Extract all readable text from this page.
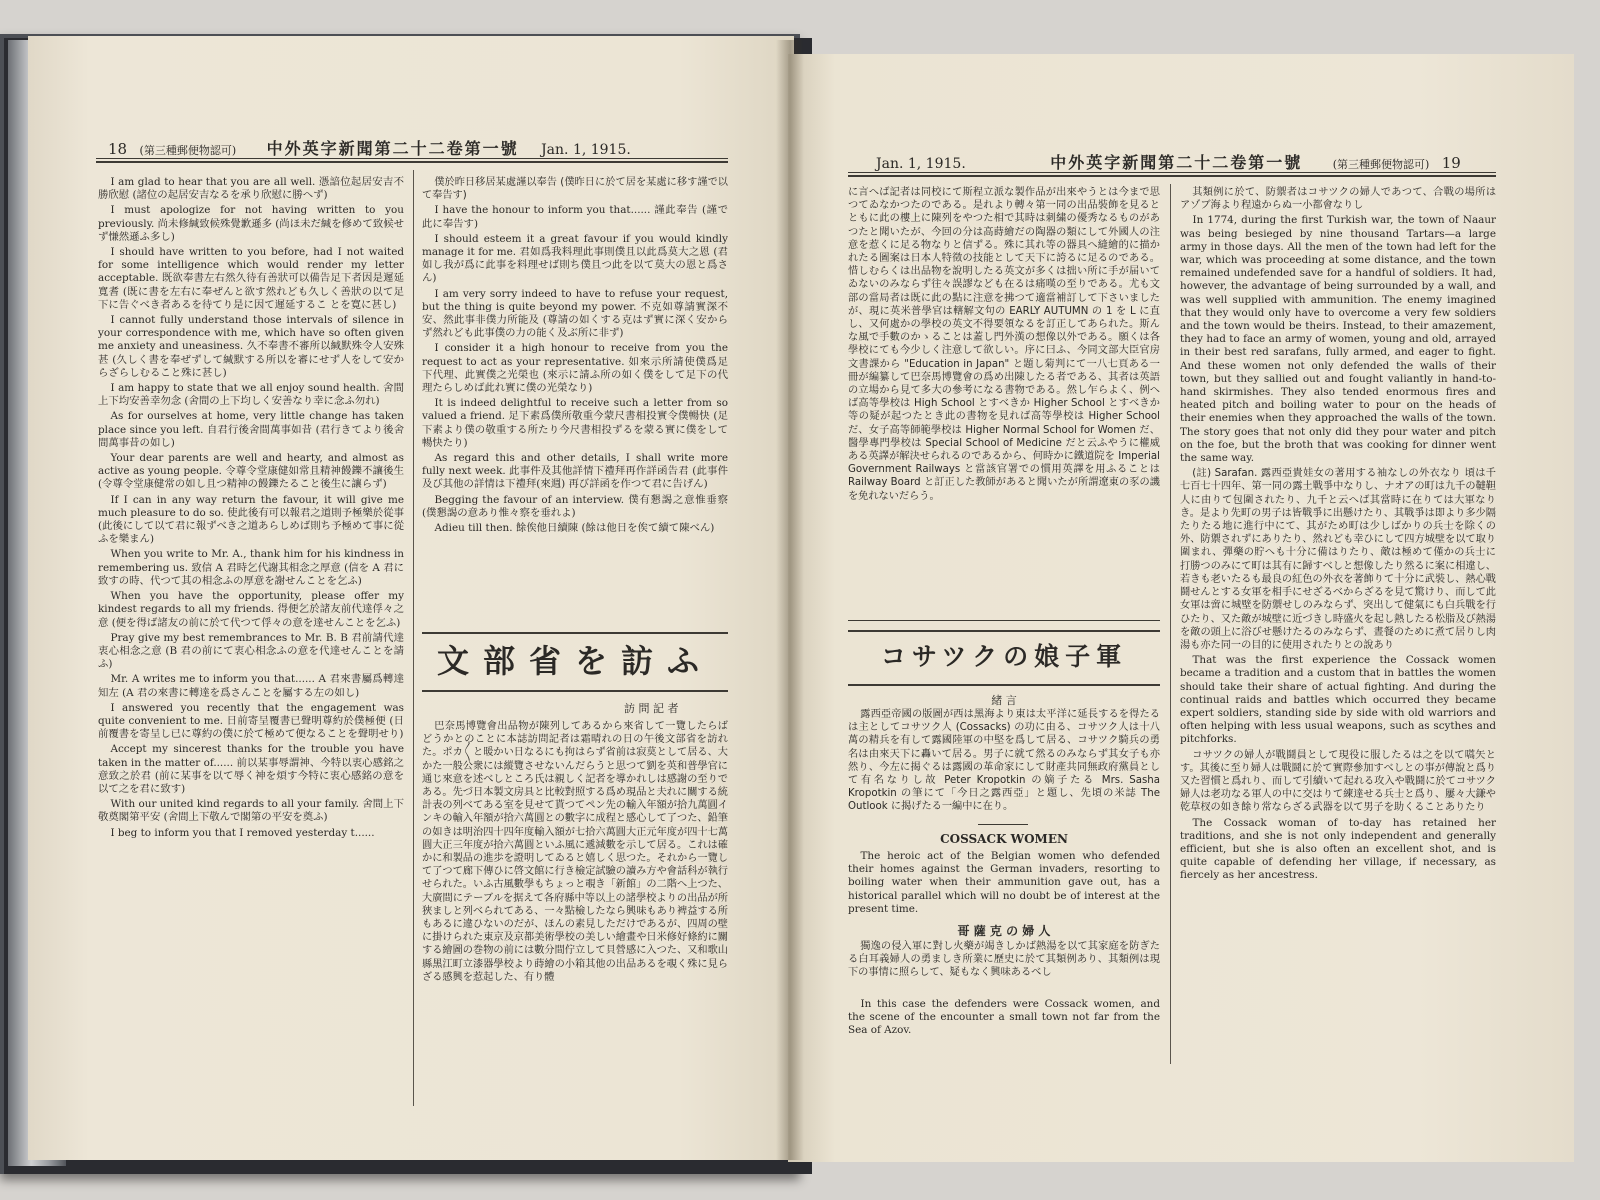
18 (第三種郵便物認可) 中外英字新聞第二十二卷第一號 Jan. 1, 1915.

I am glad to hear that you are all well. 憑諳位起居安吉不勝欣慰 (諸位の起居安吉なるを承り欣慰に勝へず)

I must apologize for not having written to you previously. 尚未修緘致候殊覺歉遜多 (尚ほ未だ緘を修めて致候せず慊然遜ふ多し)

I should have written to you before, had I not waited for some intelligence which would render my letter acceptable. 既欲奉書左右然久待有善狀可以備告足下者因是遲延寬耆 (既に書を左右に奉ぜんと欲す然れども久しく善狀の以て足下に告ぐべき者あるを待てり是に因て遲延するこ とを寛に甚し)

I cannot fully understand those intervals of silence in your correspondence with me, which have so often given me anxiety and uneasiness. 久不奉書不審所以緘默殊令人安殊甚 (久しく書を奉ぜずして緘默する所以を審にせず人をして安からざらしむること殊に甚し)

I am happy to state that we all enjoy sound health. 舍間上下均安善幸勿念 (舍間の上下均しく安善なり幸に念ふ勿れ)

As for ourselves at home, very little change has taken place since you left. 自君行後舍間萬事如昔 (君行きてより後舍間萬事昔の如し)

Your dear parents are well and hearty, and almost as active as young people. 令尊令堂康健如常且精神饅鑠不讓後生 (令尊令堂康健常の如し且つ精神の饅鑠たること後生に讓らず)

If I can in any way return the favour, it will give me much pleasure to do so. 使此後有可以報君之道則予極樂於從事 (此後にして以て君に報ずべき之道あらしめば則ち予極めて事に從ふを樂まん)

When you write to Mr. A., thank him for his kindness in remembering us. 致信 A 君時乞代謝其相念之厚意 (信を A 君に致すの時、代つて其の相念ふの厚意を謝せんことを乞ふ)

When you have the opportunity, please offer my kindest regards to all my friends. 得便乞於諸友前代達俘々之意 (便を得ば諸友の前に於て代つて俘々の意を達せんことを乞ふ)

Pray give my best remembrances to Mr. B. B 君前請代達衷心相念之意 (B 君の前にて衷心相念ふの意を代達せんことを請ふ)

Mr. A writes me to inform you that...... A 君來書屬爲轉達知左 (A 君の來書に轉達を爲さんことを屬する左の如し)

I answered you recently that the engagement was quite convenient to me. 日前寄呈覆書已聲明尊約於僕極便 (日前覆書を寄呈し已に尊約の僕に於て極めて便なることを聲明せり)

Accept my sincerest thanks for the trouble you have taken in the matter of...... 前以某事辱謂神、今特以衷心感銘之意致之於君 (前に某事を以て辱く神を煩す今特に衷心感銘の意を以て之を君に致す)

With our united kind regards to all your family. 舍間上下敬奠閣第平安 (舍間上下敬んで閣第の平安を奠ふ)

I beg to inform you that I removed yesterday t......

僕於昨日移居某處謹以奉告 (僕昨日に於て居を某處に移す謹で以て奉告す)

I have the honour to inform you that...... 謹此奉告 (謹で此に奉告す)

I should esteem it a great favour if you would kindly manage it for me. 君如爲我料理此事則僕且以此爲莫大之恩 (君如し我が爲に此事を料理せば則ち僕且つ此を以て莫大の恩と爲さん)

I am very sorry indeed to have to refuse your request, but the thing is quite beyond my power. 不克如尊請實深不安、然此事非僕力所能及 (尊請の如くする克はず實に深く安からず然れども此事僕の力の能く及ぶ所に非ず)

I consider it a high honour to receive from you the request to act as your representative. 如來示所請使僕爲足下代理、此實僕之光榮也 (來示に請ふ所の如く僕をして足下の代理たらしめば此れ實に僕の光榮なり)

It is indeed delightful to receive such a letter from so valued a friend. 足下素爲僕所敬重今蒙尺書相投實令僕暢快 (足下素より僕の敬重する所たり今尺書相投ずるを蒙る實に僕をして暢快たり)

As regard this and other details, I shall write more fully next week. 此事件及其他詳情下禮拜再作詳函告君 (此事件及び其他の詳情は下禮拜(來週) 再び詳函を作つて君に告げん)

Begging the favour of an interview. 僕有懇謁之意惟垂察 (僕懇謁の意あり惟々察を垂れよ)

Adieu till then. 餘俟他日續陳 (餘は他日を俟て續て陳べん)

文部省を訪ふ
訪 問 記 者

巴奈馬博覽會出品物が陳列してあるから來省して一覽したらばどうかとのことに本誌訪問記者は霜晴れの日の午後文部省を訪れた。ポカ〱と暖かい日なるにも拘はらず省前は寂莫として居る、大かた一般公衆には縱覽させないんだらうと思つて劉を英和普學官に通じ來意を述べしところ氏は親しく記者を導かれしは感謝の至りである。先づ日本製文房具と比較對照する爲め現品と夫れに關する統計表の列べてある室を見せて貰つてペン先の輸入年額が拾九萬圓インキの輸入年額が拾六萬圓との數字に成程と感心して了つた、鉛筆の如きは明治四十四年度輸入額が七拾六萬圓大正元年度が四十七萬圓大正三年度が拾六萬圓といふ風に遞減數を示して居る。これは確かに和製品の進歩を證明してゐると嬉しく思つた。それから一覽して了つて廊下傳ひに啓文館に行き檢定試驗の讀み方や會話科が執行せられた。いふ古風數學もちょっと覗き「新館」の二階へ上つた、大廣間にテーブルを据えて各府縣中等以上の諸學校よりの出品が所狹ましと列べられてある、一々點檢したなら興味もあり裨益する所もあるに違ひないのだが、ほんの素見しただけであるが、四周の壁に掛けられた東京及京都美術學校の美しい繪畫や日米修好條約に關する繪圖の巻物の前には數分間佇立して貝營感に入つた、又和歌山縣黑江町立漆器學校より蒔繪の小箱其他の出品あるを覗く殊に見らざる感興を惹起した、有り體

Jan. 1, 1915.	中外英字新聞第二十二卷第一號	(第三種郵便物認可) 19

に言へば記者は同校にて斯程立派な製作品が出來やうとは今まで思つてゐなかつたのである。是れより轉々第一同の出品裝飾を見るとともに此の樓上に陳列をやつた相で其時は刺繍の優秀なるものがあつたと聞いたが、今回の分は高蒔繪だの陶器の類にして外國人の注意を惹くに足る物なりと信ずる。殊に其れ等の器具へ縫繪的に描かれたる圖案は日本人特徵の技能として天下に誇るに足るのである。惜しむらくは出品物を說明したる英文が多くは拙い所に手が届いてゐないのみならず往々誤謬なども在るは痛嘆の至りである。尤も文部の當局者は既に此の點に注意を拂つて適當補訂して下さいましたが、現に英米普學官は轄解文句の EARLY AUTUMN の 1 を L に直し、又何處かの學校の英文不得要領なるを訂正してあられた。斯んな風で手數のかゝることは蓋し門外漢の想像以外である。願くは各學校にても今少しく注意して欲しい。序に曰ふ、今同文部大臣官房文書課から "Education in Japan" と題し菊判にて一八七頁ある一冊が編纂して巴奈馬博覽會の爲め出陳したる者である、其者は英語の立場から見て多大の參考になる書物である。然し乍らよく、例へば高等學校は High School とすべきか Higher School とすべきか等の疑が起つたとき此の書物を見れば高等學校は Higher School だ、女子高等師範學校は Higher Normal School for Women だ、醫學專門學校は Special School of Medicine だと云ふやうに權威ある英譯が解決せられるのであるから、何時かに鐵道院を Imperial Government Railways と當該官署での慣用英譯を用ふることは Railway Board と訂正した教師があると聞いたが所謂遼東の豕の譏を免れないだらう。

コサツクの娘子軍
緒 言

露西亞帝國の版圖が西は黑海より東は太平洋に延長するを得たるは主としてコサツク人 (Cossacks) の功に由る、コサツク人は十八萬の精兵を有して露國陸軍の中堅を爲して居る、コサツク騎兵の勇名は由來天下に轟いて居る。男子に就て然るのみならず其女子も亦然り、今左に揭ぐるは露國の革命家にして財產共同無政府黨員として有名なりし故 Peter Kropotkin の嫡子たる Mrs. Sasha Kropotkin の筆にて「今日之露西亞」と題し、先頃の米誌 The Outlook に揭げたる一編中に在り。

COSSACK WOMEN

The heroic act of the Belgian women who defended their homes against the German invaders, resorting to boiling water when their ammunition gave out, has a historical parallel which will no doubt be of interest at the present time.

哥 薩 克 の 婦 人

獨逸の侵入軍に對し火藥が竭きしかば熱湯を以て其家庭を防ぎたる白耳義婦人の勇ましき所業に歷史に於て其類例あり、其類例は現下の事情に照らして、疑もなく興味あるべし

In this case the defenders were Cossack women, and the scene of the encounter a small town not far from the Sea of Azov.

其類例に於て、防禦者はコサツクの婦人であつて、合戰の場所はアゾブ海より程遠からぬ一小都會なりし

In 1774, during the first Turkish war, the town of Naaur was being besieged by nine thousand Tartars—a large army in those days. All the men of the town had left for the war, which was proceeding at some distance, and the town remained undefended save for a handful of soldiers. It had, however, the advantage of being surrounded by a wall, and was well supplied with ammunition. The enemy imagined that they would only have to overcome a very few soldiers and the town would be theirs. Instead, to their amazement, they had to face an army of women, young and old, arrayed in their best red sarafans, fully armed, and eager to fight. And these women not only defended the walls of their town, but they sallied out and fought valiantly in hand-to-hand skirmishes. They also tended enormous fires and heated pitch and boiling water to pour on the heads of their enemies when they approached the walls of the town. The story goes that not only did they pour water and pitch on the foe, but the broth that was cooking for dinner went the same way.

(註) Sarafan. 露西亞貴娃女の著用する袖なしの外衣なり 頃は千七百七十四年、第一同の露土戰爭中なりし、ナオアの町は九千の韃靼人に由りて包圍されたり、九千と云へば其當時に在りては大軍なりき。是より先町の男子は皆戰爭に出懸けたり、其戰爭は即より多少隔たりたる地に進行中にて、其がため町は少しばかりの兵士を除くの外、防禦されずにありたり、然れども幸ひにして四方城壁を以て取り圍まれ、彈藥の貯へも十分に備はりたり、敵は極めて僅かの兵士に打勝つのみにて町は其有に歸すべしと想像したり然るに案に相違し、若きも老いたるも最良の紅色の外衣を著飾りて十分に武裝し、熱心戰鬪せんとする女軍を相手にせざるべからざるを見て驚けり、而して此女軍は啻に城壁を防禦せしのみならず、突出して健氣にも白兵戰を行ひたり、又た敵が城壁に近づきし時盛火を起し熱したる松脂及び熱湯を敵の頭上に浴びせ懸けたるのみならず、晝餐のために煮て居りし肉湯も亦た同一の目的に使用されたりとの說あり

That was the first experience the Cossack women became a tradition and a custom that in battles the women should take their share of actual fighting. And during the continual raids and battles which occurred they became expert soldiers, standing side by side with old warriors and often helping with less usual weapons, such as scythes and pitchforks.

コサツクの婦人が戰鬪員として現役に服したるは之を以て嚆矢とす。其後に至り婦人は戰鬪に於て實際參加すべしとの事が傳說と爲り又た習慣と爲れり、而して引續いて起れる攻入や戰鬪に於てコサツク婦人は老功なる軍人の中に交はりて練達せる兵士と爲り、屢々大鎌や乾草杈の如き餘り常ならざる武器を以て男子を助くることありたり

The Cossack woman of to-day has retained her traditions, and she is not only independent and generally efficient, but she is also often an excellent shot, and is quite capable of defending her village, if necessary, as fiercely as her ancestress.
